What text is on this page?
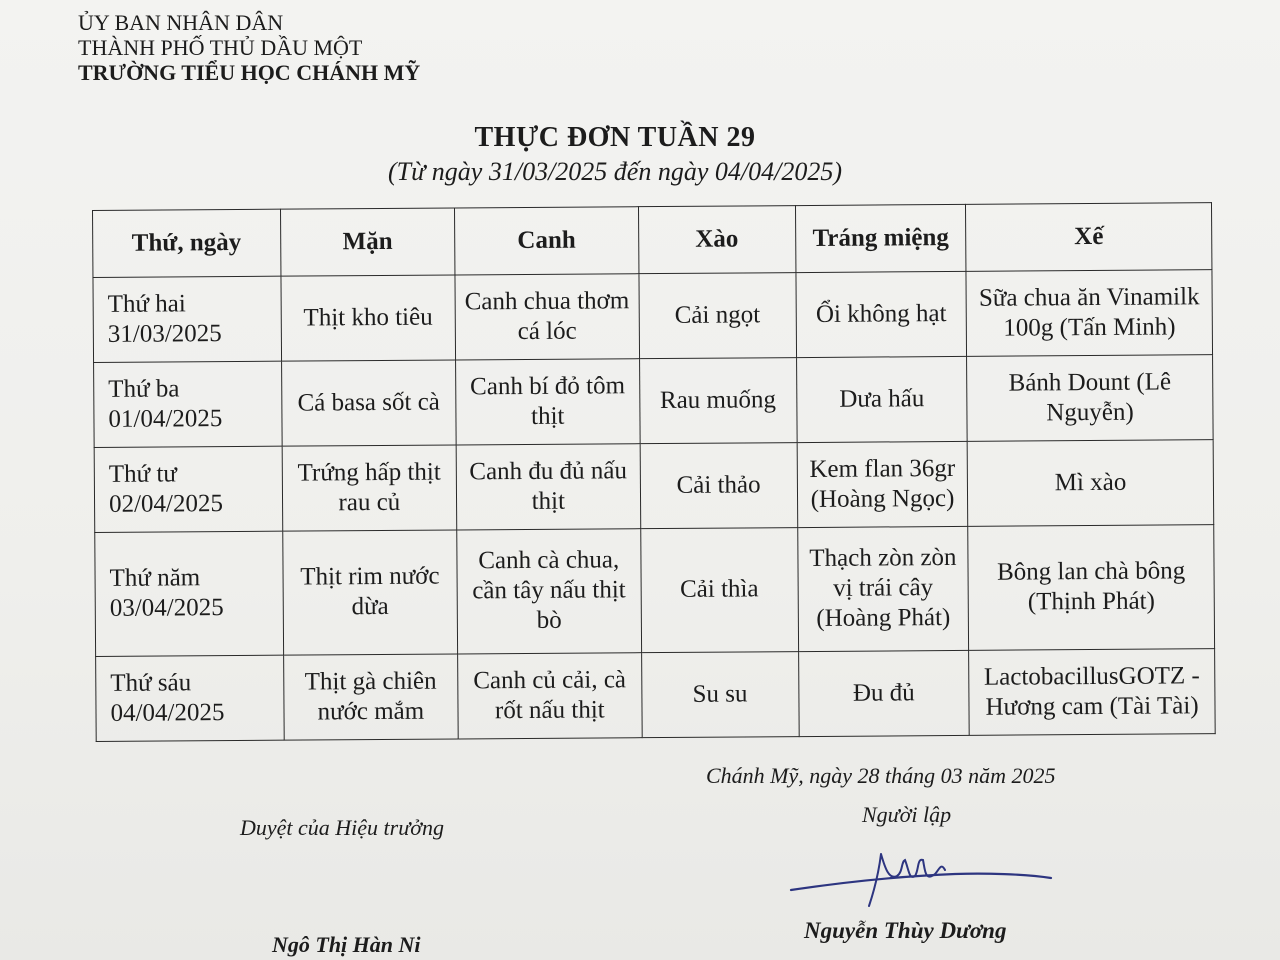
ỦY BAN NHÂN DÂN
THÀNH PHỐ THỦ DẦU MỘT
TRƯỜNG TIỂU HỌC CHÁNH MỸ
THỰC ĐƠN TUẦN 29
(Từ ngày 31/03/2025 đến ngày 04/04/2025)
Thứ, ngày	Mặn	Canh	Xào	Tráng miệng	Xế

Thứ hai
31/03/2025	Thịt kho tiêu	Canh chua thơm cá lóc	Cải ngọt	Ổi không hạt	Sữa chua ăn Vinamilk 100g (Tấn Minh)

Thứ ba
01/04/2025	Cá basa sốt cà	Canh bí đỏ tôm thịt	Rau muống	Dưa hấu	Bánh Dount (Lê Nguyễn)

Thứ tư
02/04/2025	Trứng hấp thịt rau củ	Canh đu đủ nấu thịt	Cải thảo	Kem flan 36gr (Hoàng Ngọc)	Mì xào

Thứ năm
03/04/2025	Thịt rim nước dừa	Canh cà chua, cần tây nấu thịt bò	Cải thìa	Thạch zòn zòn vị trái cây (Hoàng Phát)	Bông lan chà bông (Thịnh Phát)

Thứ sáu
04/04/2025	Thịt gà chiên nước mắm	Canh củ cải, cà rốt nấu thịt	Su su	Đu đủ	LactobacillusGOTZ - Hương cam (Tài Tài)
Chánh Mỹ, ngày 28 tháng 03 năm 2025
Duyệt của Hiệu trưởng
Người lập
Ngô Thị Hàn Ni
Nguyễn Thùy Dương
